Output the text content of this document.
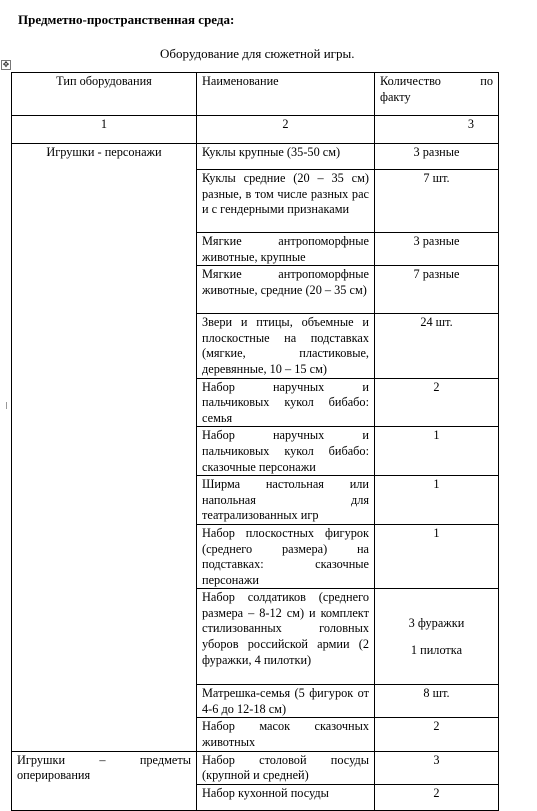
Предметно-пространственная среда:
Оборудование для сюжетной игры.
✥
Тип оборудования	Наименование	Количество по
факту
1	2	3

Игрушки - персонажи	Куклы крупные (35-50 см)	3 разные
	Куклы средние (20 – 35 см) разные, в том числе разных рас и с гендерными признаками	7 шт.
	Мягкие антропоморфные животные, крупные	3 разные
	Мягкие антропоморфные животные, средние (20 – 35 см)	7 разные
	Звери и птицы, объемные и плоскостные на подставках (мягкие, пластиковые, деревянные, 10 – 15 см)	24 шт.
	Набор наручных и пальчиковых кукол бибабо: семья	2
	Набор наручных и пальчиковых кукол бибабо: сказочные персонажи	1
	Ширма настольная или напольная для театрализованных игр	1
	Набор плоскостных фигурок (среднего размера) на подставках: сказочные персонажи	1
	Набор солдатиков (среднего размера – 8-12 см) и комплект стилизованных головных уборов российской армии (2 фуражки, 4 пилотки)	3 фуражки
1 пилотка

	Матрешка-семья (5 фигурок от 4-6 до 12-18 см)	8 шт.
	Набор масок сказочных животных	2

Игрушки – предметы
оперирования	Набор столовой посуды (крупной и средней)	3
	Набор кухонной посуды	2
